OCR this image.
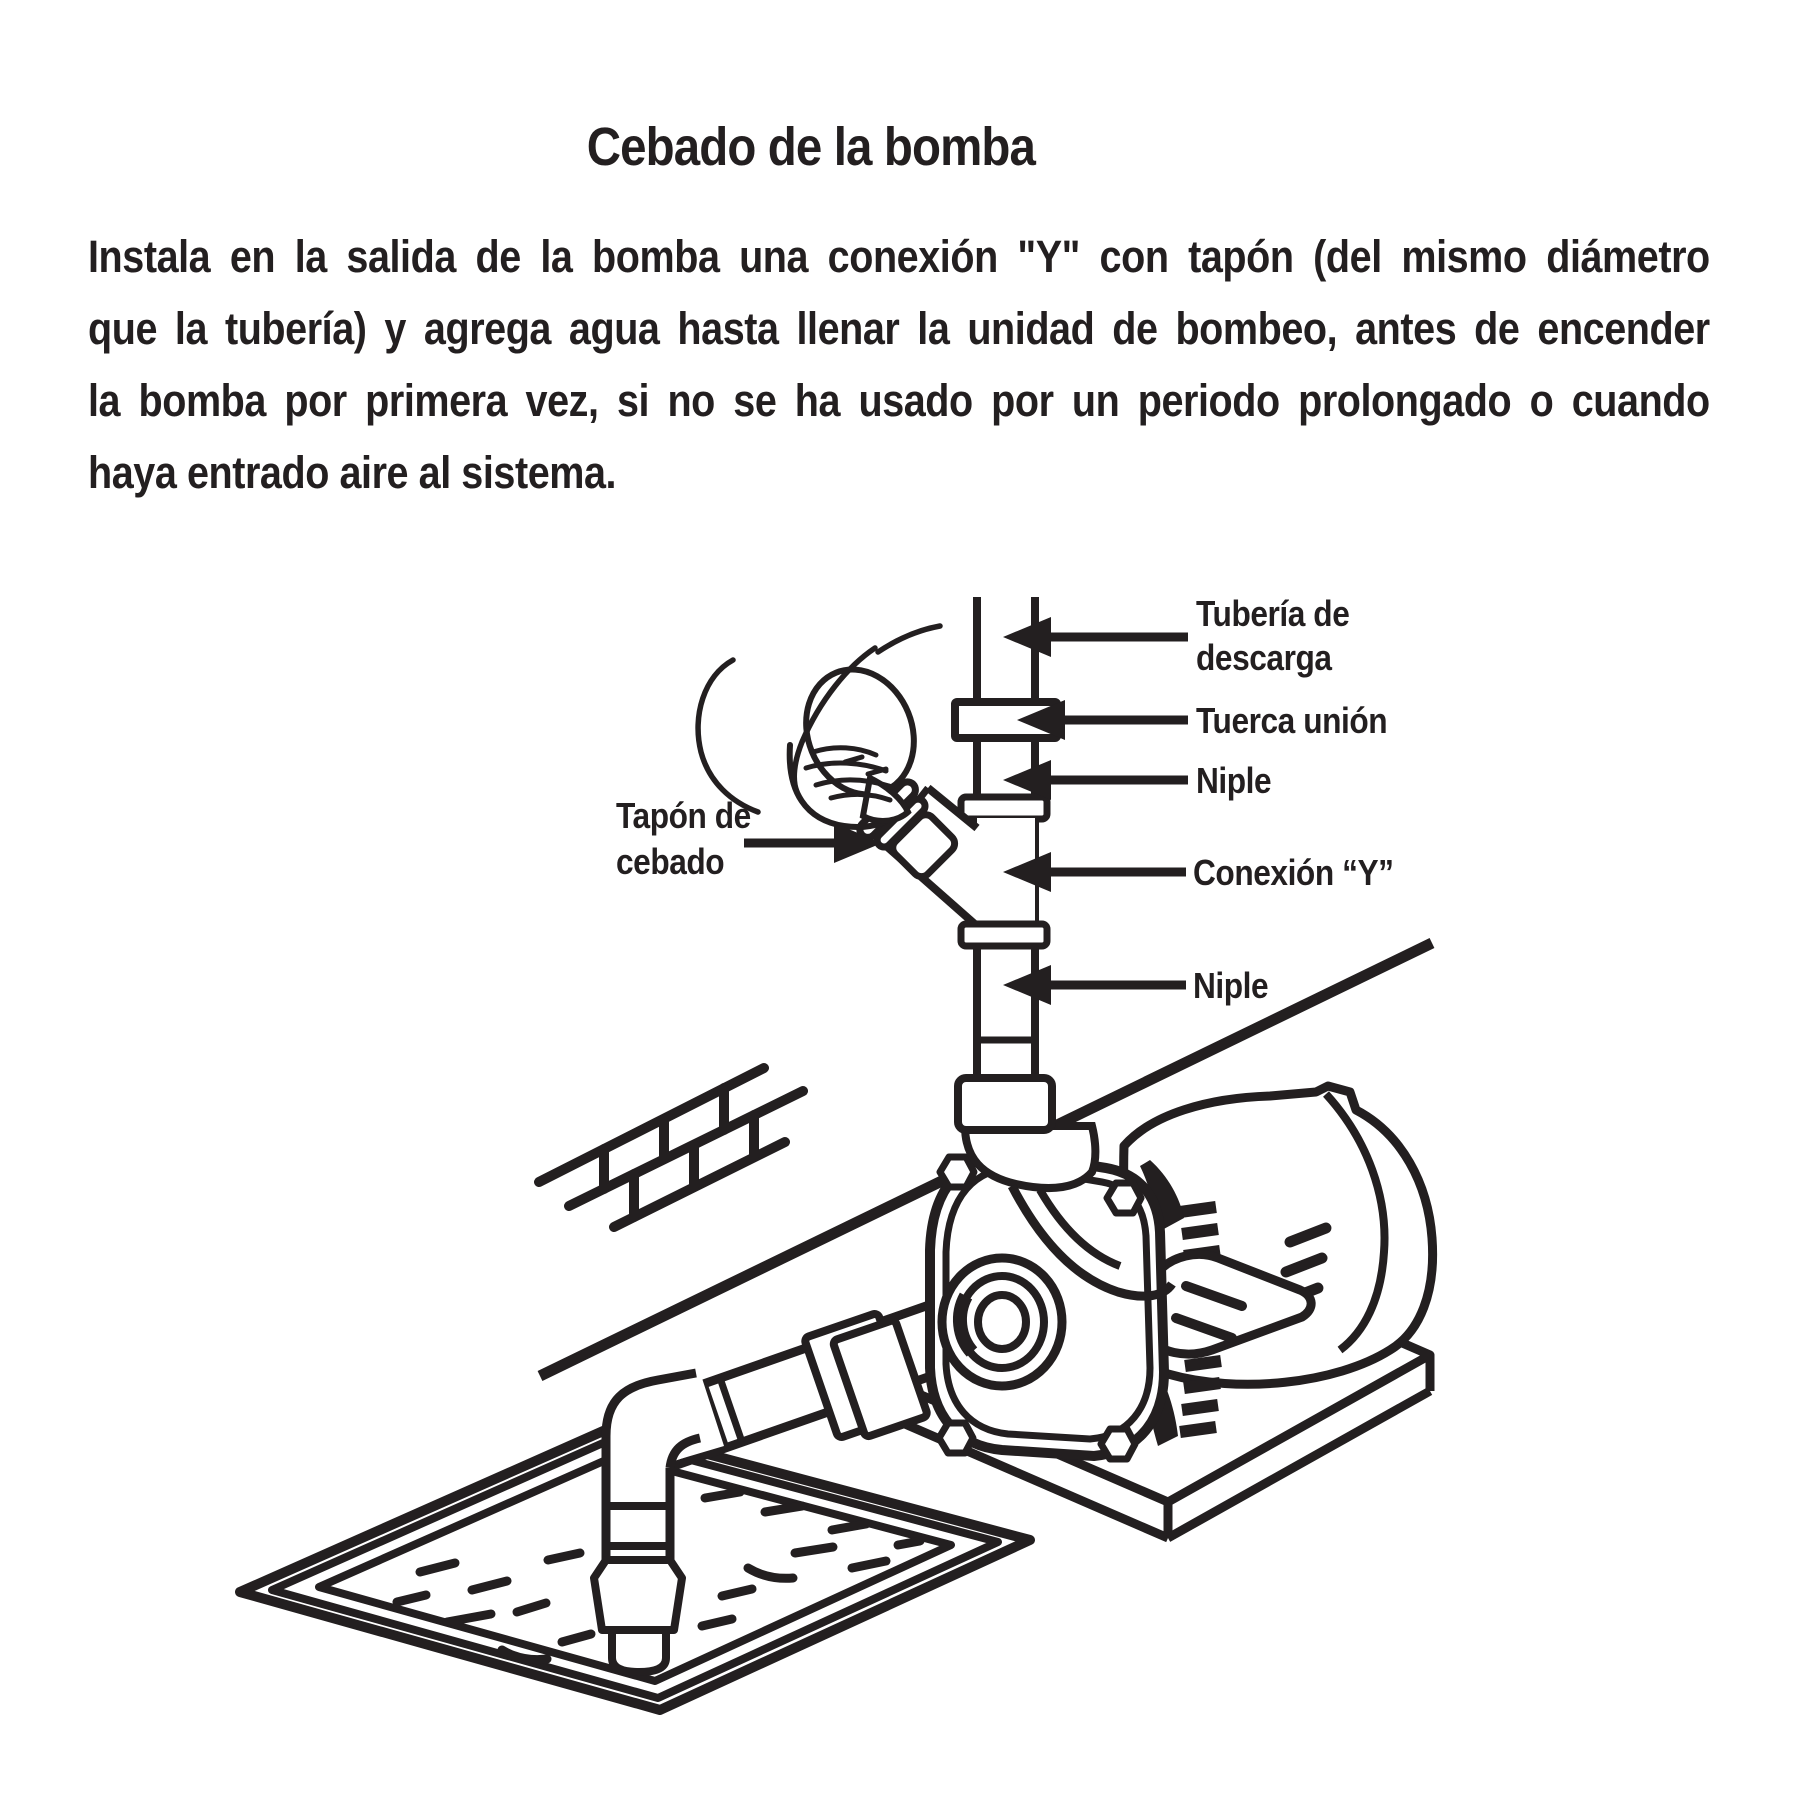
Cebado de la bomba
Instala en la salida de la bomba una conexión "Y" con tapón (del mismo diámetro
que la tubería) y agrega agua hasta llenar la unidad de bombeo, antes de encender
la bomba por primera vez, si no se ha usado por un periodo prolongado o cuando
haya entrado aire al sistema.
Tubería de
descarga
Tuerca unión
Niple
Conexión “Y”
Niple
Tapón de
cebado
